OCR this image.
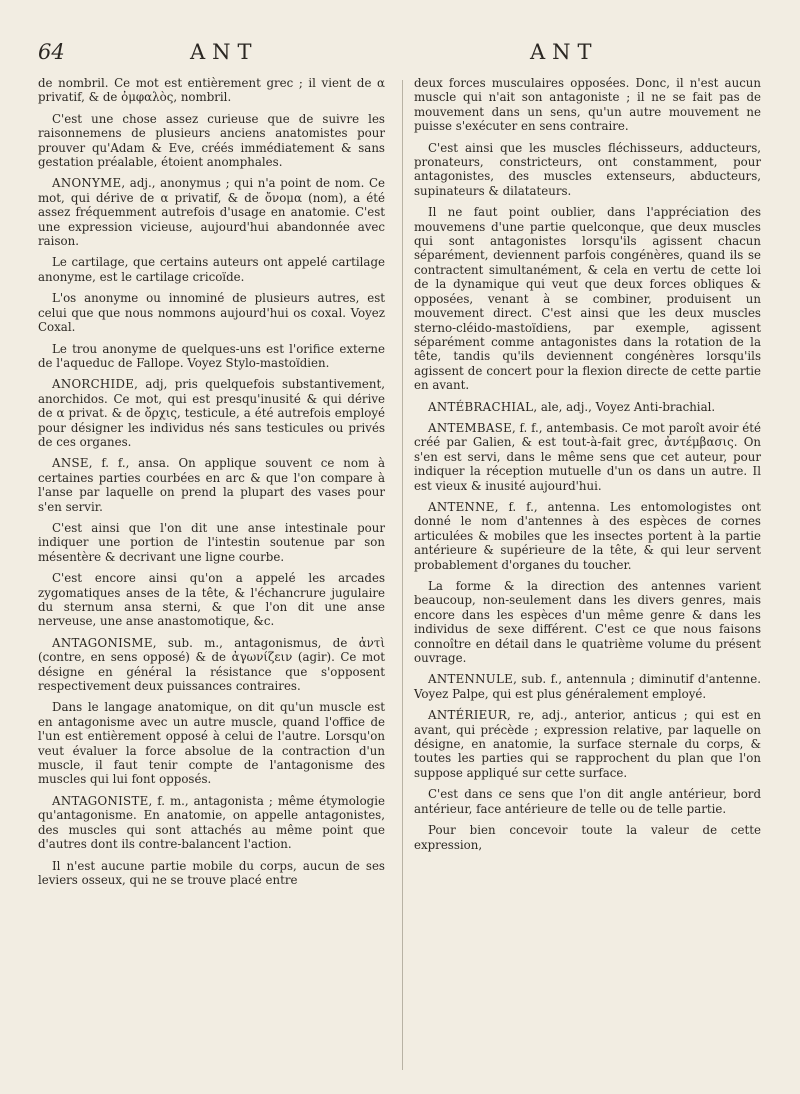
64	ANT	ANT

de nombril. Ce mot est entièrement grec ; il vient de α privatif, & de ὀμφαλὸς, nombril.

C'est une chose assez curieuse que de suivre les raisonnemens de plusieurs anciens anatomistes pour prouver qu'Adam & Eve, créés immédiatement & sans gestation préalable, étoient anomphales.

ANONYME, adj., anonymus ; qui n'a point de nom. Ce mot, qui dérive de α privatif, & de ὄνομα (nom), a été assez fréquemment autrefois d'usage en anatomie. C'est une expression vicieuse, aujourd'hui abandonnée avec raison.

Le cartilage, que certains auteurs ont appelé cartilage anonyme, est le cartilage cricoïde.

L'os anonyme ou innominé de plusieurs autres, est celui que que nous nommons aujourd'hui os coxal. Voyez Coxal.

Le trou anonyme de quelques-uns est l'orifice externe de l'aqueduc de Fallope. Voyez Stylo-mastoïdien.

ANORCHIDE, adj, pris quelquefois substantivement, anorchidos. Ce mot, qui est presqu'inusité & qui dérive de α privat. & de ὄρχις, testicule, a été autrefois employé pour désigner les individus nés sans testicules ou privés de ces organes.

ANSE, f. f., ansa. On applique souvent ce nom à certaines parties courbées en arc & que l'on compare à l'anse par laquelle on prend la plupart des vases pour s'en servir.

C'est ainsi que l'on dit une anse intestinale pour indiquer une portion de l'intestin soutenue par son mésentère & decrivant une ligne courbe.

C'est encore ainsi qu'on a appelé les arcades zygomatiques anses de la tête, & l'échancrure jugulaire du sternum ansa sterni, & que l'on dit une anse nerveuse, une anse anastomotique, &c.

ANTAGONISME, sub. m., antagonismus, de ἀντὶ (contre, en sens opposé) & de ἀγωνίζειν (agir). Ce mot désigne en général la résistance que s'opposent respectivement deux puissances contraires.

Dans le langage anatomique, on dit qu'un muscle est en antagonisme avec un autre muscle, quand l'office de l'un est entièrement opposé à celui de l'autre. Lorsqu'on veut évaluer la force absolue de la contraction d'un muscle, il faut tenir compte de l'antagonisme des muscles qui lui font opposés.

ANTAGONISTE, f. m., antagonista ; même étymologie qu'antagonisme. En anatomie, on appelle antagonistes, des muscles qui sont attachés au même point que d'autres dont ils contre-balancent l'action.

Il n'est aucune partie mobile du corps, aucun de ses leviers osseux, qui ne se trouve placé entre

deux forces musculaires opposées. Donc, il n'est aucun muscle qui n'ait son antagoniste ; il ne se fait pas de mouvement dans un sens, qu'un autre mouvement ne puisse s'exécuter en sens contraire.

C'est ainsi que les muscles fléchisseurs, adducteurs, pronateurs, constricteurs, ont constamment, pour antagonistes, des muscles extenseurs, abducteurs, supinateurs & dilatateurs.

Il ne faut point oublier, dans l'appréciation des mouvemens d'une partie quelconque, que deux muscles qui sont antagonistes lorsqu'ils agissent chacun séparément, deviennent parfois congénères, quand ils se contractent simultanément, & cela en vertu de cette loi de la dynamique qui veut que deux forces obliques & opposées, venant à se combiner, produisent un mouvement direct. C'est ainsi que les deux muscles sterno-cléido-mastoïdiens, par exemple, agissent séparément comme antagonistes dans la rotation de la tête, tandis qu'ils deviennent congénères lorsqu'ils agissent de concert pour la flexion directe de cette partie en avant.

ANTÉBRACHIAL, ale, adj., Voyez Anti-brachial.

ANTEMBASE, f. f., antembasis. Ce mot paroît avoir été créé par Galien, & est tout-à-fait grec, ἀντέμβασις. On s'en est servi, dans le même sens que cet auteur, pour indiquer la réception mutuelle d'un os dans un autre. Il est vieux & inusité aujourd'hui.

ANTENNE, f. f., antenna. Les entomologistes ont donné le nom d'antennes à des espèces de cornes articulées & mobiles que les insectes portent à la partie antérieure & supérieure de la tête, & qui leur servent probablement d'organes du toucher.

La forme & la direction des antennes varient beaucoup, non-seulement dans les divers genres, mais encore dans les espèces d'un même genre & dans les individus de sexe différent. C'est ce que nous faisons connoître en détail dans le quatrième volume du présent ouvrage.

ANTENNULE, sub. f., antennula ; diminutif d'antenne. Voyez Palpe, qui est plus généralement employé.

ANTÉRIEUR, re, adj., anterior, anticus ; qui est en avant, qui précède ; expression relative, par laquelle on désigne, en anatomie, la surface sternale du corps, & toutes les parties qui se rapprochent du plan que l'on suppose appliqué sur cette surface.

C'est dans ce sens que l'on dit angle antérieur, bord antérieur, face antérieure de telle ou de telle partie.

Pour bien concevoir toute la valeur de cette expression,
